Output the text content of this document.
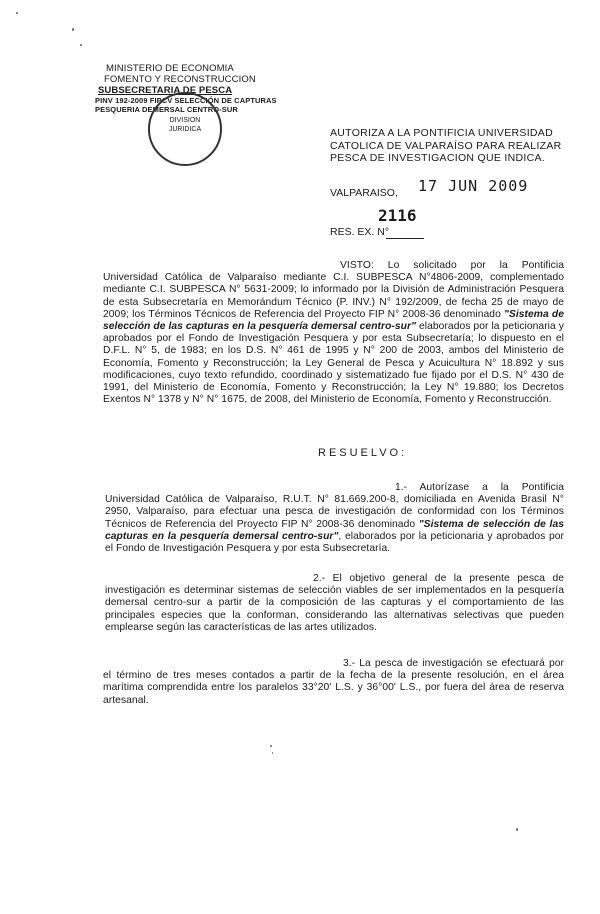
MINISTERIO DE ECONOMIA
FOMENTO Y RECONSTRUCCION
SUBSECRETARIA DE PESCA
PINV 192-2009 FIPCV SELECCIÓN DE CAPTURAS
PESQUERIA DEMERSAL CENTRO-SUR
DIVISION
JURIDICA	AUTORIZA A LA PONTIFICIA UNIVERSIDAD CATOLICA DE VALPARAÍSO PARA REALIZAR PESCA DE INVESTIGACION QUE INDICA.
VALPARAISO, 17 JUN 2009
2116
RES. EX. N°
VISTO: Lo solicitado por la Pontificia Universidad Católica de Valparaíso mediante C.I. SUBPESCA N°4806-2009, complementado mediante C.I. SUBPESCA N° 5631-2009; lo informado por la División de Administración Pesquera de esta Subsecretaría en Memorándum Técnico (P. INV.) N° 192/2009, de fecha 25 de mayo de 2009; los Términos Técnicos de Referencia del Proyecto FIP N° 2008-36 denominado "Sistema de selección de las capturas en la pesquería demersal centro-sur" elaborados por la peticionaria y aprobados por el Fondo de Investigación Pesquera y por esta Subsecretaría; lo dispuesto en el D.F.L. N° 5, de 1983; en los D.S. N° 461 de 1995 y N° 200 de 2003, ambos del Ministerio de Economía, Fomento y Reconstrucción; la Ley General de Pesca y Acuicultura N° 18.892 y sus modificaciones, cuyo texto refundido, coordinado y sistematizado fue fijado por el D.S. N° 430 de 1991, del Ministerio de Economía, Fomento y Reconstrucción; la Ley N° 19.880; los Decretos Exentos N° 1378 y N° N° 1675, de 2008, del Ministerio de Economía, Fomento y Reconstrucción.
RESUELVO:
1.- Autorízase a la Pontificia Universidad Católica de Valparaíso, R.U.T. N° 81.669.200-8, domiciliada en Avenida Brasil N° 2950, Valparaíso, para efectuar una pesca de investigación de conformidad con los Términos Técnicos de Referencia del Proyecto FIP N° 2008-36 denominado "Sistema de selección de las capturas en la pesquería demersal centro-sur", elaborados por la peticionaria y aprobados por el Fondo de Investigación Pesquera y por esta Subsecretaría.
2.- El objetivo general de la presente pesca de investigación es determinar sistemas de selección viables de ser implementados en la pesquería demersal centro-sur a partir de la composición de las capturas y el comportamiento de las principales especies que la conforman, considerando las alternativas selectivas que pueden emplearse según las características de las artes utilizados.
3.- La pesca de investigación se efectuará por el término de tres meses contados a partir de la fecha de la presente resolución, en el área marítima comprendida entre los paralelos 33°20' L.S. y 36°00' L.S., por fuera del área de reserva artesanal.
